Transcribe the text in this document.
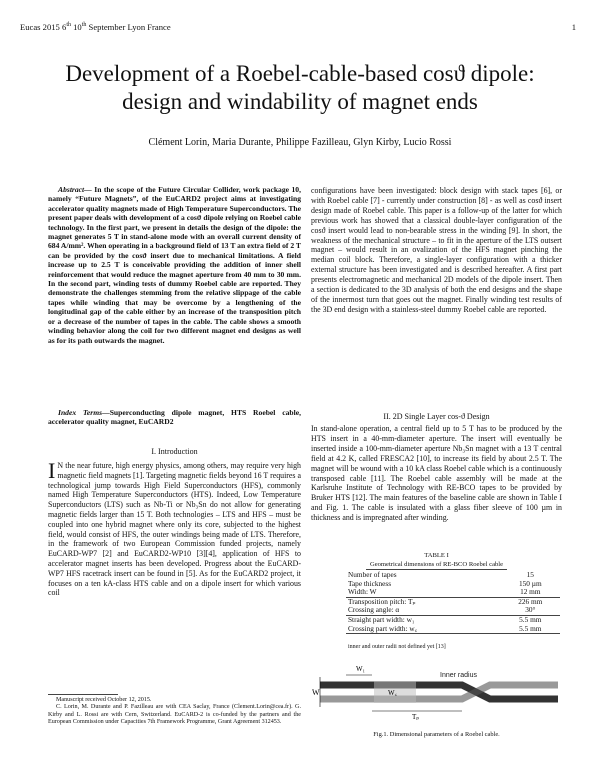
Eucas 2015 6th 10th September Lyon France	1
Development of a Roebel-cable-based cosϑ dipole: design and windability of magnet ends
Clément Lorin, Maria Durante, Philippe Fazilleau, Glyn Kirby, Lucio Rossi
Abstract— In the scope of the Future Circular Collider, work package 10, namely “Future Magnets”, of the EuCARD2 project aims at investigating accelerator quality magnets made of High Temperature Superconductors. The present paper deals with development of a cosϑ dipole relying on Roebel cable technology. In the first part, we present in details the design of the dipole: the magnet generates 5 T in stand-alone mode with an overall current density of 684 A/mm². When operating in a background field of 13 T an extra field of 2 T can be provided by the cosϑ insert due to mechanical limitations. A field increase up to 2.5 T is conceivable providing the addition of inner shell reinforcement that would reduce the magnet aperture from 40 mm to 30 mm. In the second part, winding tests of dummy Roebel cable are reported. They demonstrate the challenges stemming from the relative slippage of the cable tapes while winding that may be overcome by a lengthening of the longitudinal gap of the cable either by an increase of the transposition pitch or a decrease of the number of tapes in the cable. The cable shows a smooth winding behavior along the coil for two different magnet end designs as well as for its path outwards the magnet.
Index Terms—Superconducting dipole magnet, HTS Roebel cable, accelerator quality magnet, EuCARD2
I. Introduction
I N the near future, high energy physics, among others, may require very high magnetic field magnets [1]. Targeting magnetic fields beyond 16 T requires a technological jump towards High Field Superconductors (HFS), commonly named High Temperature Superconductors (HTS). Indeed, Low Temperature Superconductors (LTS) such as Nb-Ti or Nb₃Sn do not allow for generating magnetic fields larger than 15 T. Both technologies – LTS and HFS – must be coupled into one hybrid magnet where only its core, subjected to the highest field, would consist of HFS, the outer windings being made of LTS. Therefore, in the framework of two European Commission funded projects, namely EuCARD-WP7 [2] and EuCARD2-WP10 [3][4], application of HFS to accelerator magnet inserts has been developed. Progress about the EuCARD-WP7 HFS racetrack insert can be found in [5]. As for the EuCARD2 project, it focuses on a ten kA-class HTS cable and on a dipole insert for which various coil
Manuscript received October 12, 2015.
C. Lorin, M. Durante and P. Fazilleau are with CEA Saclay, France (Clement.Lorin@cea.fr). G. Kirby and L. Rossi are with Cern, Switzerland. EuCARD-2 is co-funded by the partners and the European Commission under Capacities 7th Framework Programme, Grant Agreement 312453.
configurations have been investigated: block design with stack tapes [6], or with Roebel cable [7] - currently under construction [8] - as well as cosϑ insert design made of Roebel cable. This paper is a follow-up of the latter for which previous work has showed that a classical double-layer configuration of the cosϑ insert would lead to non-bearable stress in the winding [9]. In short, the weakness of the mechanical structure – to fit in the aperture of the LTS outsert magnet – would result in an ovalization of the HFS magnet pinching the median coil block. Therefore, a single-layer configuration with a thicker external structure has been investigated and is described hereafter. A first part presents electromagnetic and mechanical 2D models of the dipole insert. Then a section is dedicated to the 3D analysis of both the end designs and the shape of the innermost turn that goes out the magnet. Finally winding test results of the 3D end design with a stainless-steel dummy Roebel cable are reported.
II. 2D Single Layer cos-ϑ Design
In stand-alone operation, a central field up to 5 T has to be produced by the HTS insert in a 40-mm-diameter aperture. The insert will eventually be inserted inside a 100-mm-diameter aperture Nb₃Sn magnet with a 13 T central field at 4.2 K, called FRESCA2 [10], to increase its field by about 2.5 T. The magnet will be wound with a 10 kA class Roebel cable which is a continuously transposed cable [11]. The Roebel cable assembly will be made at the Karlsruhe Institute of Technology with RE-BCO tapes to be provided by Bruker HTS [12]. The main features of the baseline cable are shown in Table I and Fig. 1. The cable is insulated with a glass fiber sleeve of 100 µm in thickness and is impregnated after winding.
TABLE I
Geometrical dimensions of RE-BCO Roebel cable
Number of tapes	15
Tape thickness	150 µm
Width: W	12 mm
Transposition pitch: Tₚ	226 mm
Crossing angle: α	30°
Straight part width: w₁	5.5 mm
Crossing part width: w꜀	5.5 mm
inner and outer radii not defined yet [13]
W
W₁
W꜀
Tₚ
Inner radius
Fig.1. Dimensional parameters of a Roebel cable.
